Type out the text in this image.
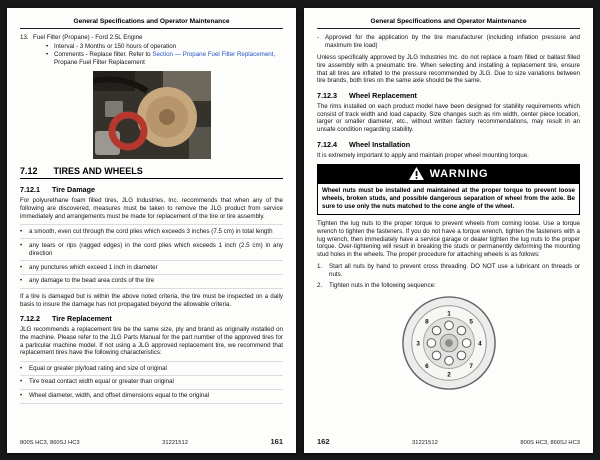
General Specifications and Operator Maintenance
13. Fuel Filter (Propane) - Ford 2.5L Engine
• Interval - 3 Months or 150 hours of operation
• Comments - Replace filter. Refer to Section — Propane Fuel Filter Replacement, Propane Fuel Filter Replacement
7.12 TIRES AND WHEELS
7.12.1 Tire Damage
For polyurethane foam filled tires, JLG Industries, Inc. recommends that when any of the following are discovered, measures must be taken to remove the JLG product from service immediately and arrangements must be made for replacement of the tire or tire assembly.
•	a smooth, even cut through the cord plies which exceeds 3 inches (7.5 cm) in total length
•	any tears or rips (ragged edges) in the cord plies which exceeds 1 inch (2.5 cm) in any direction
•	any punctures which exceed 1 inch in diameter
•	any damage to the bead area cords of the tire
If a tire is damaged but is within the above noted criteria, the tire must be inspected on a daily basis to insure the damage has not propagated beyond the allowable criteria.
7.12.2 Tire Replacement
JLG recommends a replacement tire be the same size, ply and brand as originally installed on the machine. Please refer to the JLG Parts Manual for the part number of the approved tires for a particular machine model. If not using a JLG approved replacement tire, we recommend that replacement tires have the following characteristics:
•	Equal or greater ply/load rating and size of original
•	Tire tread contact width equal or greater than original
•	Wheel diameter, width, and offset dimensions equal to the original
800S HC3, 860SJ HC3	31221512	161
General Specifications and Operator Maintenance
- Approved for the application by the tire manufacturer (including inflation pressure and maximum tire load)
Unless specifically approved by JLG Industries Inc. do not replace a foam filled or ballast filled tire assembly with a pneumatic tire. When selecting and installing a replacement tire, ensure that all tires are inflated to the pressure recommended by JLG. Due to size variations between tire brands, both tires on the same axle should be the same.
7.12.3 Wheel Replacement
The rims installed on each product model have been designed for stability requirements which consist of track width and load capacity. Size changes such as rim width, center piece location, larger or smaller diameter, etc., without written factory recommendations, may result in an unsafe condition regarding stability.
7.12.4 Wheel Installation
It is extremely important to apply and maintain proper wheel mounting torque.
WARNING
Wheel nuts must be installed and maintained at the proper torque to prevent loose wheels, broken studs, and possible dangerous separation of wheel from the axle. Be sure to use only the nuts matched to the cone angle of the wheel.
Tighten the lug nuts to the proper torque to prevent wheels from coming loose. Use a torque wrench to tighten the fasteners. If you do not have a torque wrench, tighten the fasteners with a lug wrench, then immediately have a service garage or dealer tighten the lug nuts to the proper torque. Over-tightening will result in breaking the studs or permanently deforming the mounting stud holes in the wheels. The proper procedure for attaching wheels is as follows:
1.	Start all nuts by hand to prevent cross threading. DO NOT use a lubricant on threads or nuts.
2.	Tighten nuts in the following sequence:
1
5
4
7
2
6
3
8
162	31221512	800S HC3, 860SJ HC3
